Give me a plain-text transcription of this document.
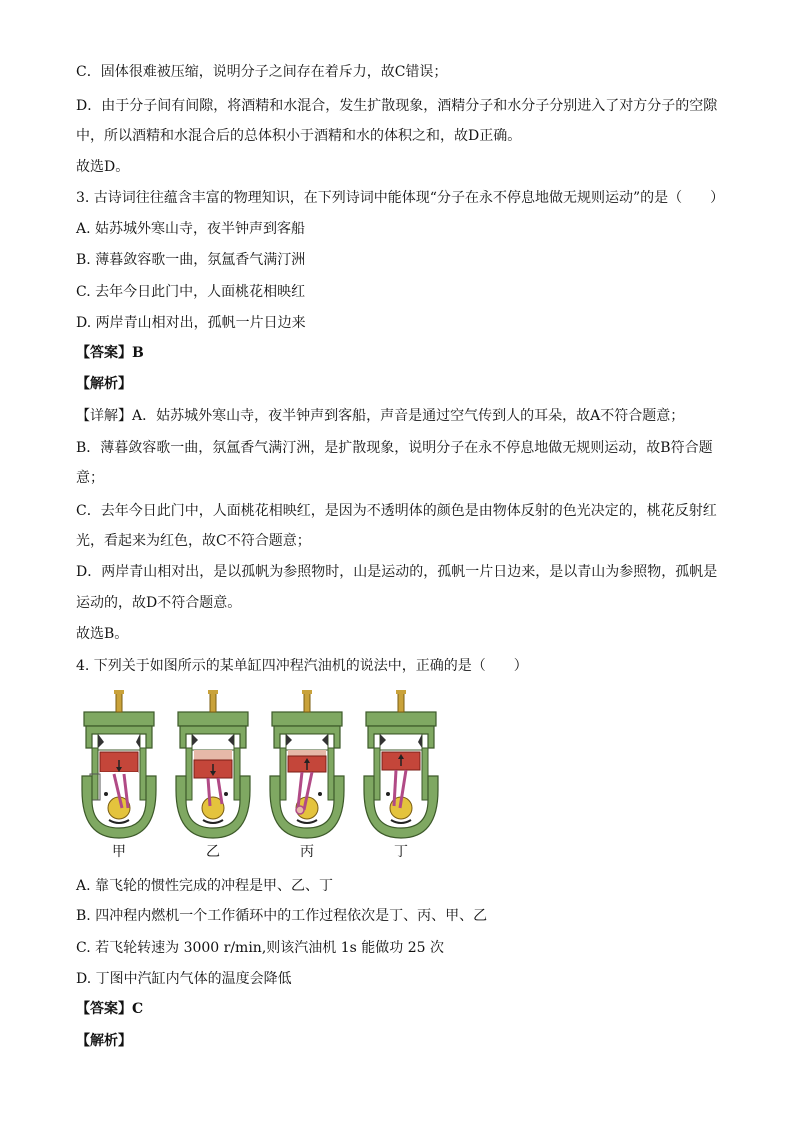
C．固体很难被压缩，说明分子之间存在着斥力，故C错误；
D．由于分子间有间隙，将酒精和水混合，发生扩散现象，酒精分子和水分子分别进入了对方分子的空隙
中，所以酒精和水混合后的总体积小于酒精和水的体积之和，故D正确。
故选D。
3. 古诗词往往蕴含丰富的物理知识，在下列诗词中能体现“分子在永不停息地做无规则运动”的是（　　）
A. 姑苏城外寒山寺，夜半钟声到客船
B. 薄暮敛容歌一曲，氛氲香气满汀洲
C. 去年今日此门中，人面桃花相映红
D. 两岸青山相对出，孤帆一片日边来
【答案】B
【解析】
【详解】A．姑苏城外寒山寺，夜半钟声到客船，声音是通过空气传到人的耳朵，故A不符合题意；
B．薄暮敛容歌一曲，氛氲香气满汀洲，是扩散现象，说明分子在永不停息地做无规则运动，故B符合题
意；
C．去年今日此门中，人面桃花相映红，是因为不透明体的颜色是由物体反射的色光决定的，桃花反射红
光，看起来为红色，故C不符合题意；
D．两岸青山相对出，是以孤帆为参照物时，山是运动的，孤帆一片日边来，是以青山为参照物，孤帆是
运动的，故D不符合题意。
故选B。
4. 下列关于如图所示的某单缸四冲程汽油机的说法中，正确的是（　　）
甲	乙	丙	丁
A. 靠飞轮的惯性完成的冲程是甲、乙、丁
B. 四冲程内燃机一个工作循环中的工作过程依次是丁、丙、甲、乙
C. 若飞轮转速为 3000 r/min,则该汽油机 1s 能做功 25 次
D. 丁图中汽缸内气体的温度会降低
【答案】C
【解析】
